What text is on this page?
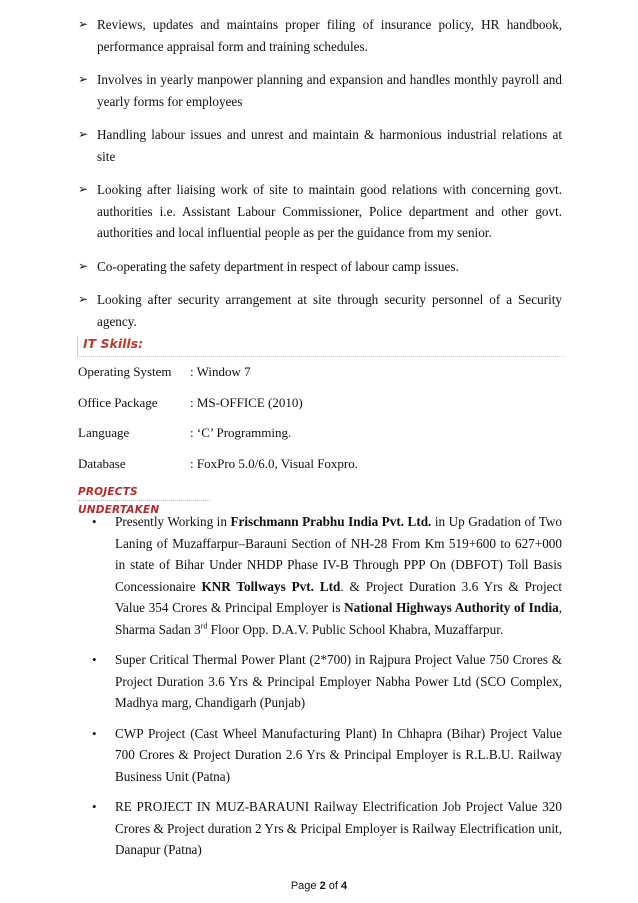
➢ Reviews, updates and maintains proper filing of insurance policy, HR handbook, performance appraisal form and training schedules.
➢ Involves in yearly manpower planning and expansion and handles monthly payroll and yearly forms for employees
➢ Handling labour issues and unrest and maintain & harmonious industrial relations at site
➢ Looking after liaising work of site to maintain good relations with concerning govt. authorities i.e. Assistant Labour Commissioner, Police department and other govt. authorities and local influential people as per the guidance from my senior.
➢ Co-operating the safety department in respect of labour camp issues.
➢ Looking after security arrangement at site through security personnel of a Security agency.
IT Skills:
Operating System : Window 7
Office Package : MS-OFFICE (2010)
Language	: ‘C’ Programming.
Database	: FoxPro 5.0/6.0, Visual Foxpro.
PROJECTS UNDERTAKEN
• Presently Working in Frischmann Prabhu India Pvt. Ltd. in Up Gradation of Two Laning of Muzaffarpur–Barauni Section of NH-28 From Km 519+600 to 627+000 in state of Bihar Under NHDP Phase IV-B Through PPP On (DBFOT) Toll Basis Concessionaire KNR Tollways Pvt. Ltd. & Project Duration 3.6 Yrs & Project Value 354 Crores & Principal Employer is National Highways Authority of India, Sharma Sadan 3rd Floor Opp. D.A.V. Public School Khabra, Muzaffarpur.
• Super Critical Thermal Power Plant (2*700) in Rajpura Project Value 750 Crores & Project Duration 3.6 Yrs & Principal Employer Nabha Power Ltd (SCO Complex, Madhya marg, Chandigarh (Punjab)
• CWP Project (Cast Wheel Manufacturing Plant) In Chhapra (Bihar) Project Value 700 Crores & Project Duration 2.6 Yrs & Principal Employer is R.L.B.U. Railway Business Unit (Patna)
• RE PROJECT IN MUZ-BARAUNI Railway Electrification Job Project Value 320 Crores & Project duration 2 Yrs & Pricipal Employer is Railway Electrification unit, Danapur (Patna)
Page 2 of 4
